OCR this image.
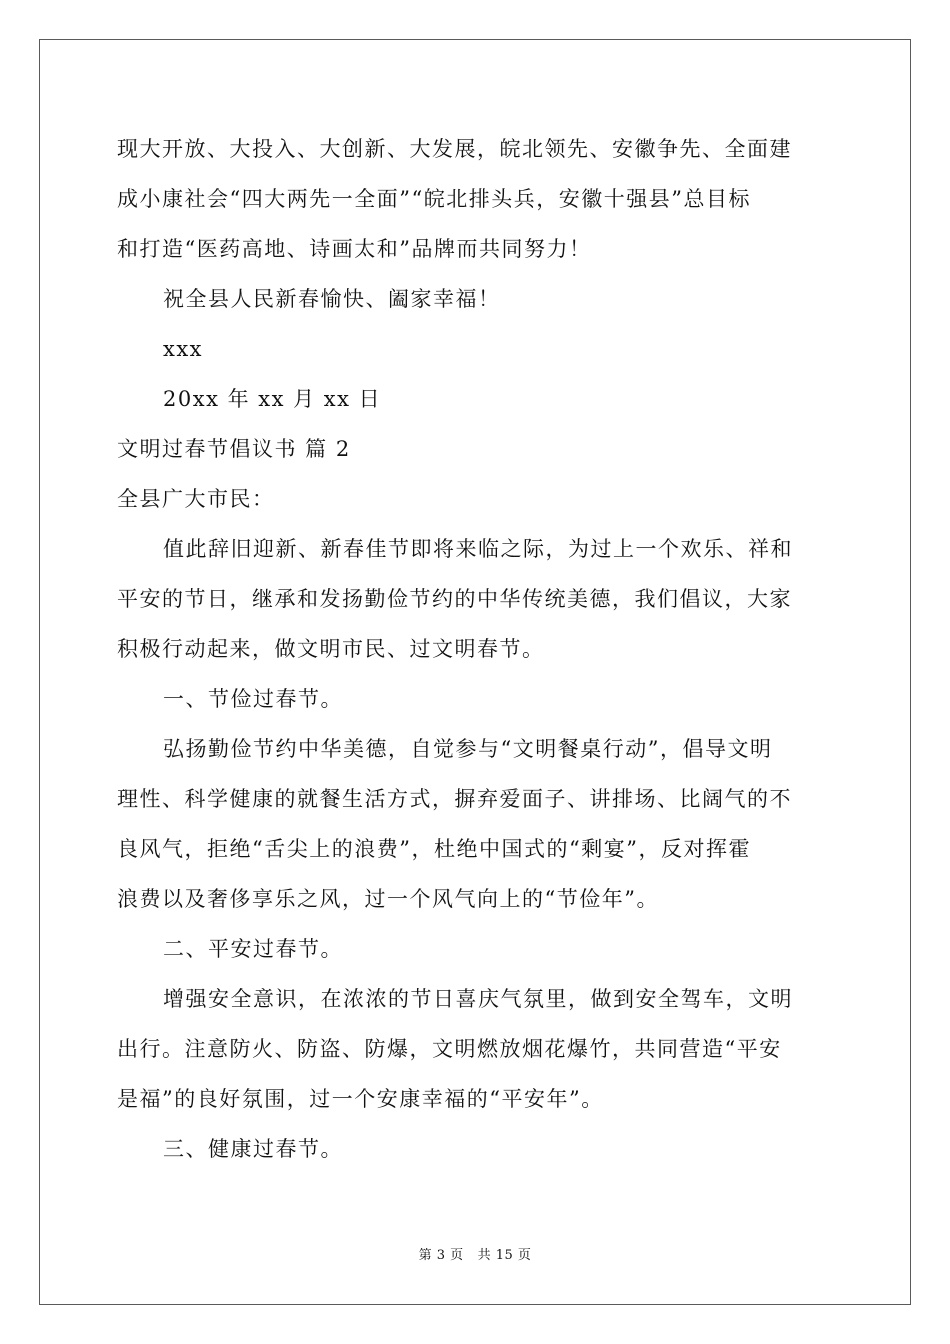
现大开放、大投入、大创新、大发展，皖北领先、安徽争先、全面建
成小康社会“四大两先一全面”“皖北排头兵，安徽十强县”总目标
和打造“医药高地、诗画太和”品牌而共同努力！
祝全县人民新春愉快、阖家幸福！
xxx
20xx 年 xx 月 xx 日
文明过春节倡议书 篇 2
全县广大市民：
值此辞旧迎新、新春佳节即将来临之际，为过上一个欢乐、祥和
平安的节日，继承和发扬勤俭节约的中华传统美德，我们倡议，大家
积极行动起来，做文明市民、过文明春节。
一、节俭过春节。
弘扬勤俭节约中华美德，自觉参与“文明餐桌行动”，倡导文明
理性、科学健康的就餐生活方式，摒弃爱面子、讲排场、比阔气的不
良风气，拒绝“舌尖上的浪费”，杜绝中国式的“剩宴”，反对挥霍
浪费以及奢侈享乐之风，过一个风气向上的“节俭年”。
二、平安过春节。
增强安全意识，在浓浓的节日喜庆气氛里，做到安全驾车，文明
出行。注意防火、防盗、防爆，文明燃放烟花爆竹，共同营造“平安
是福”的良好氛围，过一个安康幸福的“平安年”。
三、健康过春节。
第 3 页 共 15 页
